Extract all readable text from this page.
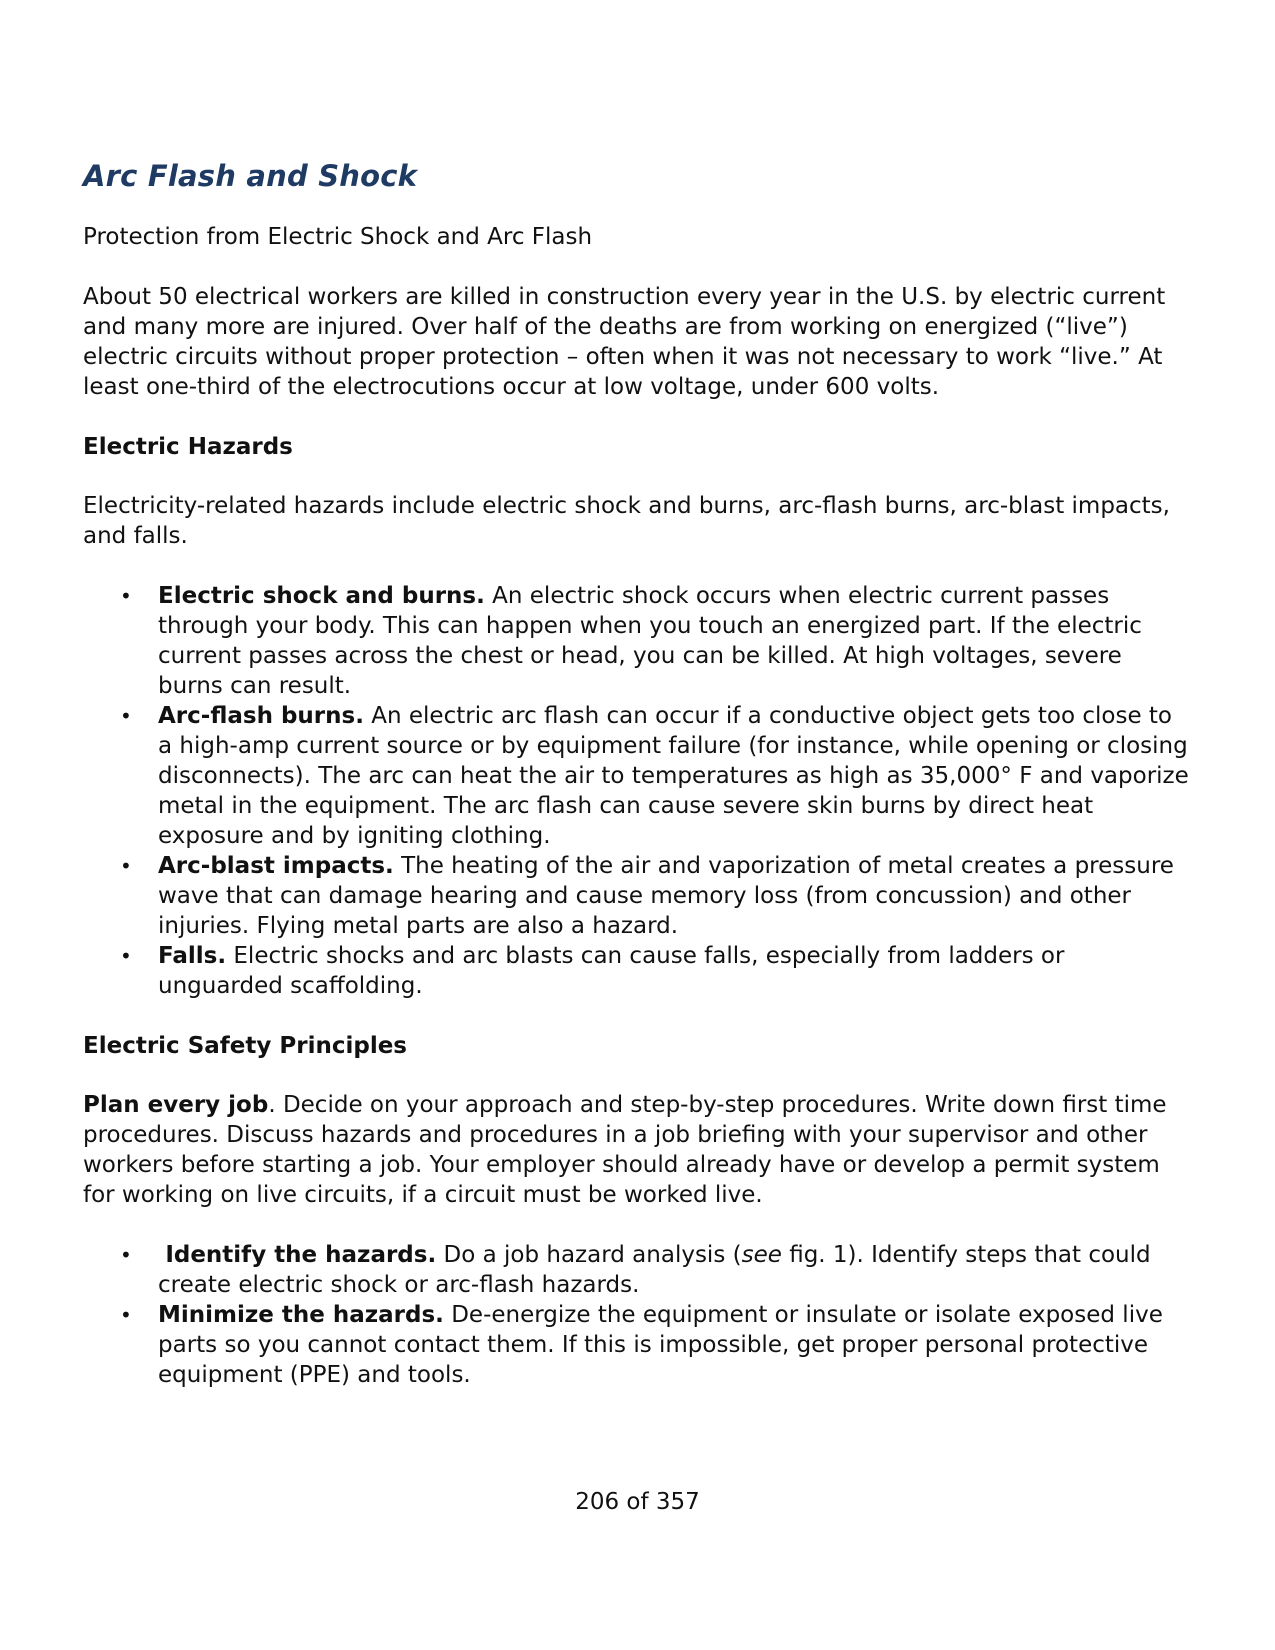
Arc Flash and Shock

Protection from Electric Shock and Arc Flash

About 50 electrical workers are killed in construction every year in the U.S. by electric current and many more are injured. Over half of the deaths are from working on energized (“live”) electric circuits without proper protection – often when it was not necessary to work “live.” At least one-third of the electrocutions occur at low voltage, under 600 volts.

Electric Hazards

Electricity-related hazards include electric shock and burns, arc-flash burns, arc-blast impacts, and falls.

• Electric shock and burns. An electric shock occurs when electric current passes through your body. This can happen when you touch an energized part. If the electric current passes across the chest or head, you can be killed. At high voltages, severe burns can result.
• Arc-flash burns. An electric arc flash can occur if a conductive object gets too close to a high-amp current source or by equipment failure (for instance, while opening or closing disconnects). The arc can heat the air to temperatures as high as 35,000° F and vaporize metal in the equipment. The arc flash can cause severe skin burns by direct heat exposure and by igniting clothing.
• Arc-blast impacts. The heating of the air and vaporization of metal creates a pressure wave that can damage hearing and cause memory loss (from concussion) and other injuries. Flying metal parts are also a hazard.
• Falls. Electric shocks and arc blasts can cause falls, especially from ladders or unguarded scaffolding.
Electric Safety Principles

Plan every job. Decide on your approach and step-by-step procedures. Write down first time procedures. Discuss hazards and procedures in a job briefing with your supervisor and other workers before starting a job. Your employer should already have or develop a permit system for working on live circuits, if a circuit must be worked live.

• Identify the hazards. Do a job hazard analysis (see fig. 1). Identify steps that could create electric shock or arc-flash hazards.
• Minimize the hazards. De-energize the equipment or insulate or isolate exposed live parts so you cannot contact them. If this is impossible, get proper personal protective equipment (PPE) and tools.
206 of 357
